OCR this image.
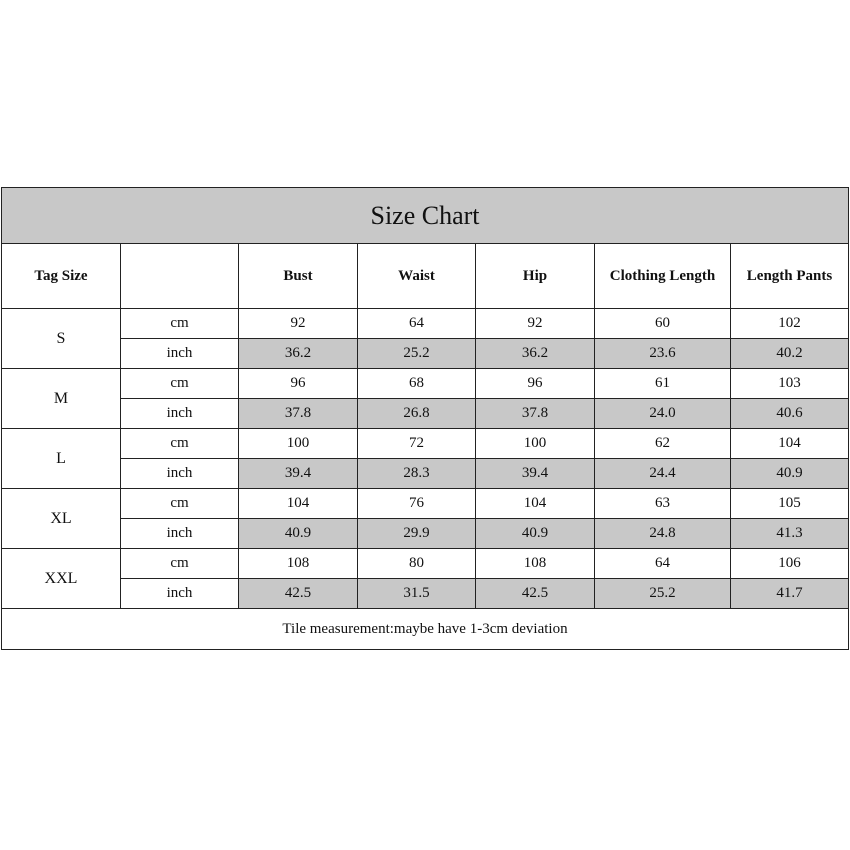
Size Chart						
Tag Size		Bust	Waist	Hip	Clothing Length	Length Pants
S	cm	92	64	92	60	102
	inch	36.2	25.2	36.2	23.6	40.2
M	cm	96	68	96	61	103
	inch	37.8	26.8	37.8	24.0	40.6
L	cm	100	72	100	62	104
	inch	39.4	28.3	39.4	24.4	40.9
XL	cm	104	76	104	63	105
	inch	40.9	29.9	40.9	24.8	41.3
XXL	cm	108	80	108	64	106
	inch	42.5	31.5	42.5	25.2	41.7
Tile measurement:maybe have 1-3cm deviation						
